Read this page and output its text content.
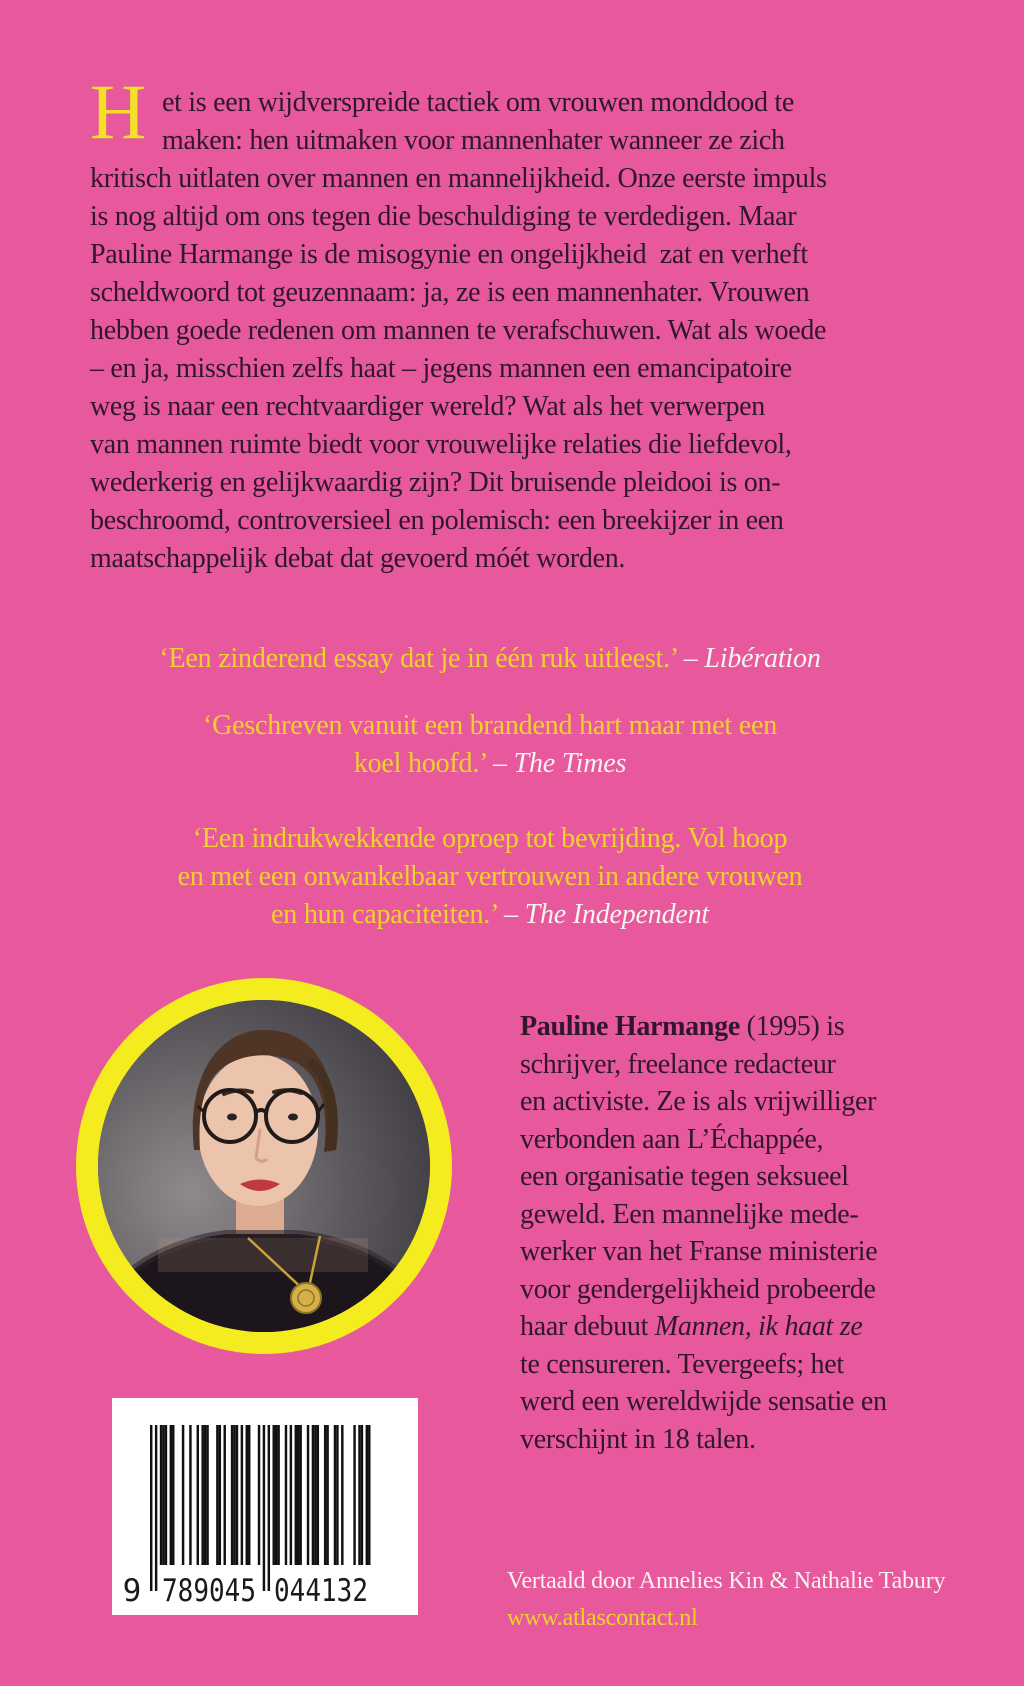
H et is een wijdverspreide tactiek om vrouwen monddood te
maken: hen uitmaken voor mannenhater wanneer ze zich
kritisch uitlaten over mannen en mannelijkheid. Onze eerste impuls
is nog altijd om ons tegen die beschuldiging te verdedigen. Maar
Pauline Harmange is de misogynie en ongelijkheid  zat en verheft
scheldwoord tot geuzennaam: ja, ze is een mannenhater. Vrouwen
hebben goede redenen om mannen te verafschuwen. Wat als woede
– en ja, misschien zelfs haat – jegens mannen een emancipatoire
weg is naar een rechtvaardiger wereld? Wat als het verwerpen
van mannen ruimte biedt voor vrouwelijke relaties die liefdevol,
wederkerig en gelijkwaardig zijn? Dit bruisende pleidooi is on-
beschroomd, controversieel en polemisch: een breekijzer in een
maatschappelijk debat dat gevoerd móét worden.
‘Een zinderend essay dat je in één ruk uitleest.’ – Libération
‘Geschreven vanuit een brandend hart maar met een
koel hoofd.’ – The Times
‘Een indrukwekkende oproep tot bevrijding. Vol hoop
en met een onwankelbaar vertrouwen in andere vrouwen
en hun capaciteiten.’ – The Independent
Pauline Harmange (1995) is
schrijver, freelance redacteur
en activiste. Ze is als vrijwilliger
verbonden aan L’Échappée,
een organisatie tegen seksueel
geweld. Een mannelijke mede-
werker van het Franse ministerie
voor gendergelijkheid probeerde
haar debuut Mannen, ik haat ze
te censureren. Tevergeefs; het
werd een wereldwijde sensatie en
verschijnt in 18 talen.
9 789045 044132	Vertaald door Annelies Kin & Nathalie Tabury
www.atlascontact.nl
